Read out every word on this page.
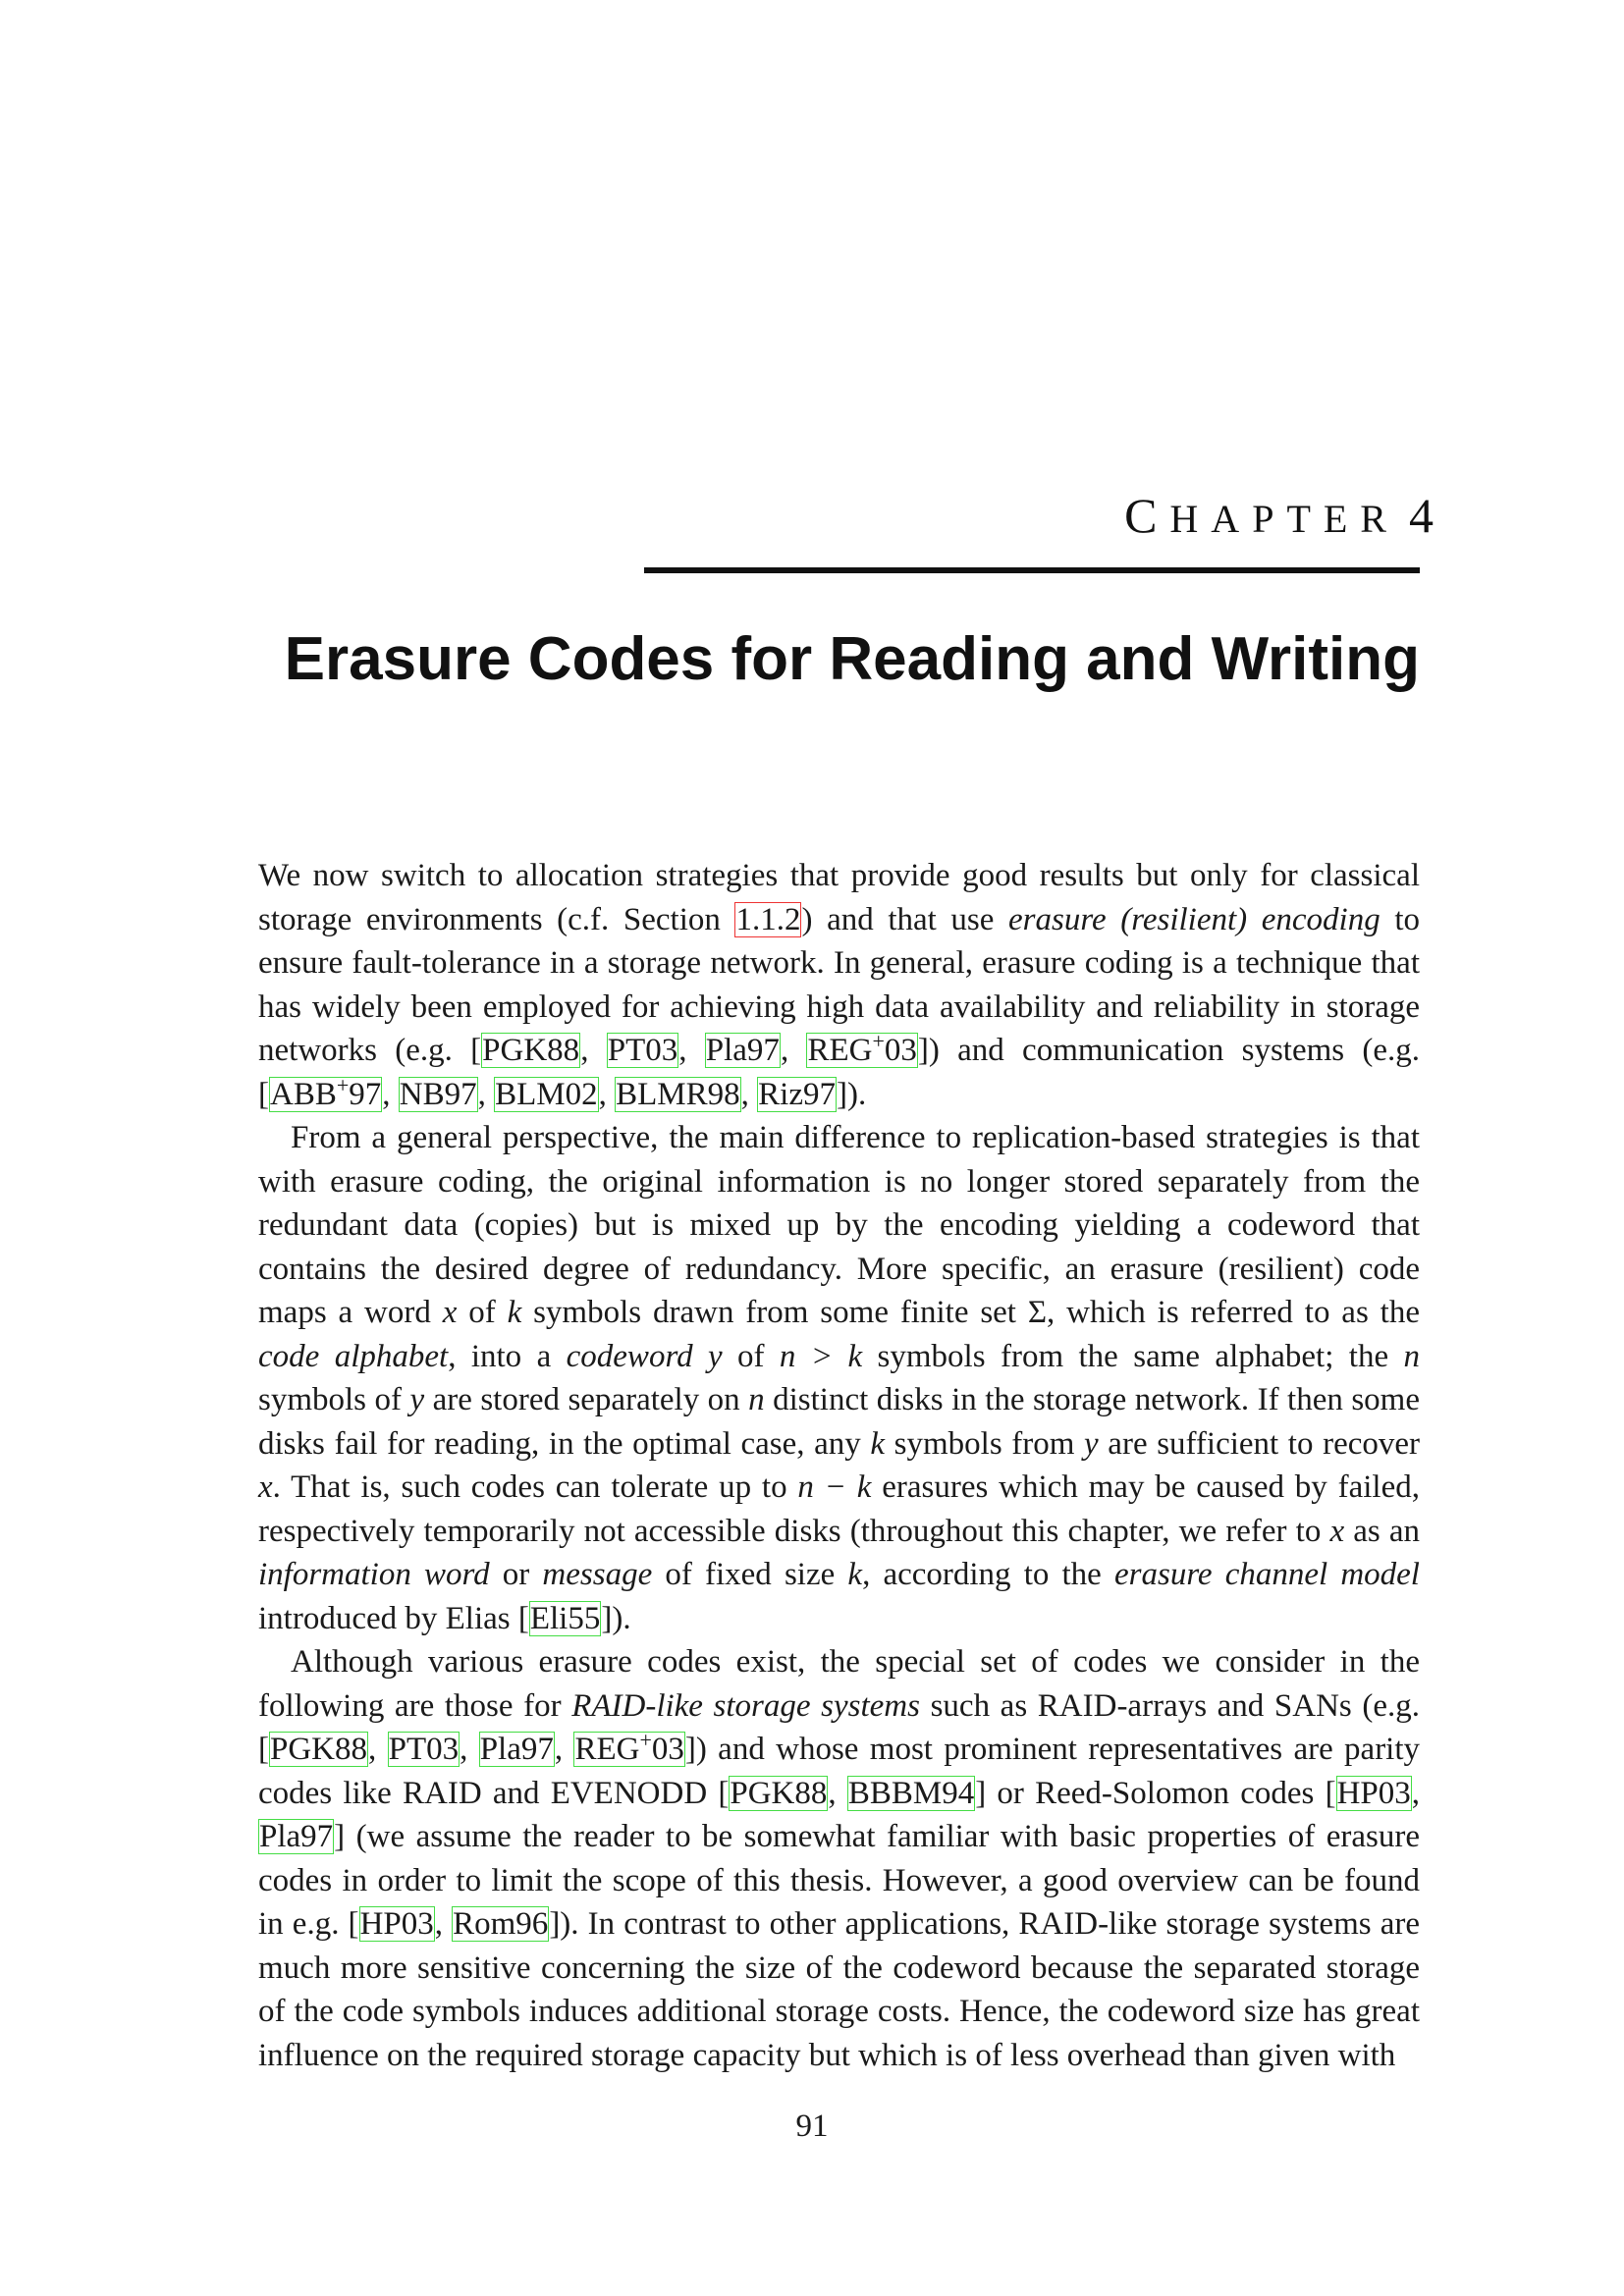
CHAPTER 4
Erasure Codes for Reading and Writing

We now switch to allocation strategies that provide good results but only for classical storage environments (c.f. Section 1.1.2) and that use erasure (resilient) encoding to ensure fault-tolerance in a storage network. In general, erasure coding is a technique that has widely been employed for achieving high data availability and reliability in storage networks (e.g. [PGK88, PT03, Pla97, REG+03]) and communication systems (e.g. [ABB+97, NB97, BLM02, BLMR98, Riz97]).

From a general perspective, the main difference to replication-based strategies is that with erasure coding, the original information is no longer stored separately from the redundant data (copies) but is mixed up by the encoding yielding a codeword that contains the desired degree of redundancy. More specific, an erasure (resilient) code maps a word x of k symbols drawn from some finite set Σ, which is referred to as the code alphabet, into a codeword y of n > k symbols from the same alphabet; the n symbols of y are stored separately on n distinct disks in the storage network. If then some disks fail for reading, in the optimal case, any k symbols from y are sufficient to recover x. That is, such codes can tolerate up to n − k erasures which may be caused by failed, respectively temporarily not accessible disks (throughout this chapter, we refer to x as an information word or message of fixed size k, according to the erasure channel model introduced by Elias [Eli55]).

Although various erasure codes exist, the special set of codes we consider in the following are those for RAID-like storage systems such as RAID-arrays and SANs (e.g. [PGK88, PT03, Pla97, REG+03]) and whose most prominent representatives are parity codes like RAID and EVENODD [PGK88, BBBM94] or Reed-Solomon codes [HP03, Pla97] (we assume the reader to be somewhat familiar with basic properties of erasure codes in order to limit the scope of this thesis. However, a good overview can be found in e.g. [HP03, Rom96]). In contrast to other applications, RAID-like storage systems are much more sensitive concerning the size of the codeword because the separated storage of the code symbols induces additional storage costs. Hence, the codeword size has great influence on the required storage capacity but which is of less overhead than given with

91
